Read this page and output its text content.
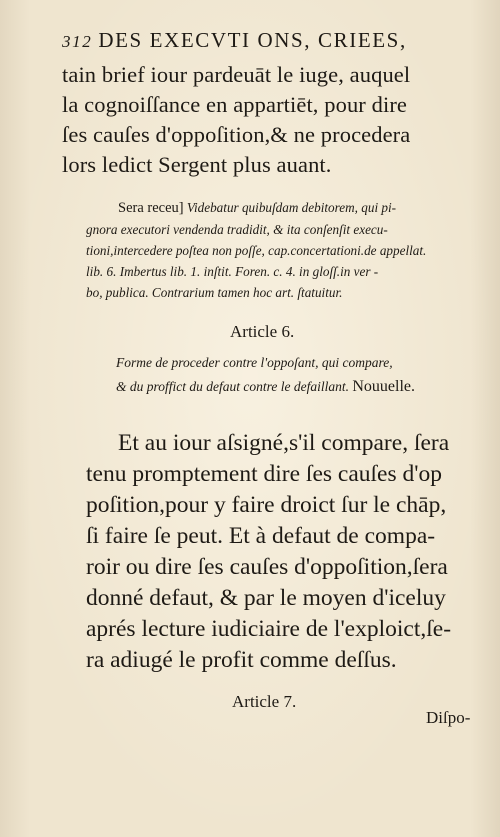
312 DES EXECVTI ONS, CRIEES,
tain brief iour pardeuāt le iuge, auquel
la cognoiſſance en appartiēt, pour dire
ſes cauſes d'oppoſition,& ne procedera
lors ledict Sergent plus auant.
Sera receu] Videbatur quibuſdam debitorem, qui pi-
gnora executori vendenda tradidit, & ita conſenſit execu-
tioni,intercedere poſtea non poſſe, cap.concertationi.de appellat.
lib. 6. Imbertus lib. 1. inſtit. Foren. c. 4. in gloſſ.in ver -
bo, publica. Contrarium tamen hoc art. ſtatuitur.
Article 6.
Forme de proceder contre l'oppoſant, qui compare,
& du proffict du defaut contre le defaillant. Nouuelle.
Et au iour aſsigné,s'il compare, ſera
tenu promptement dire ſes cauſes d'op
poſition,pour y faire droict ſur le chāp,
ſi faire ſe peut. Et à defaut de compa-
roir ou dire ſes cauſes d'oppoſition,ſera
donné defaut, & par le moyen d'iceluy
aprés lecture iudiciaire de l'exploict,ſe-
ra adiugé le profit comme deſſus.
Article 7.
Diſpo-
